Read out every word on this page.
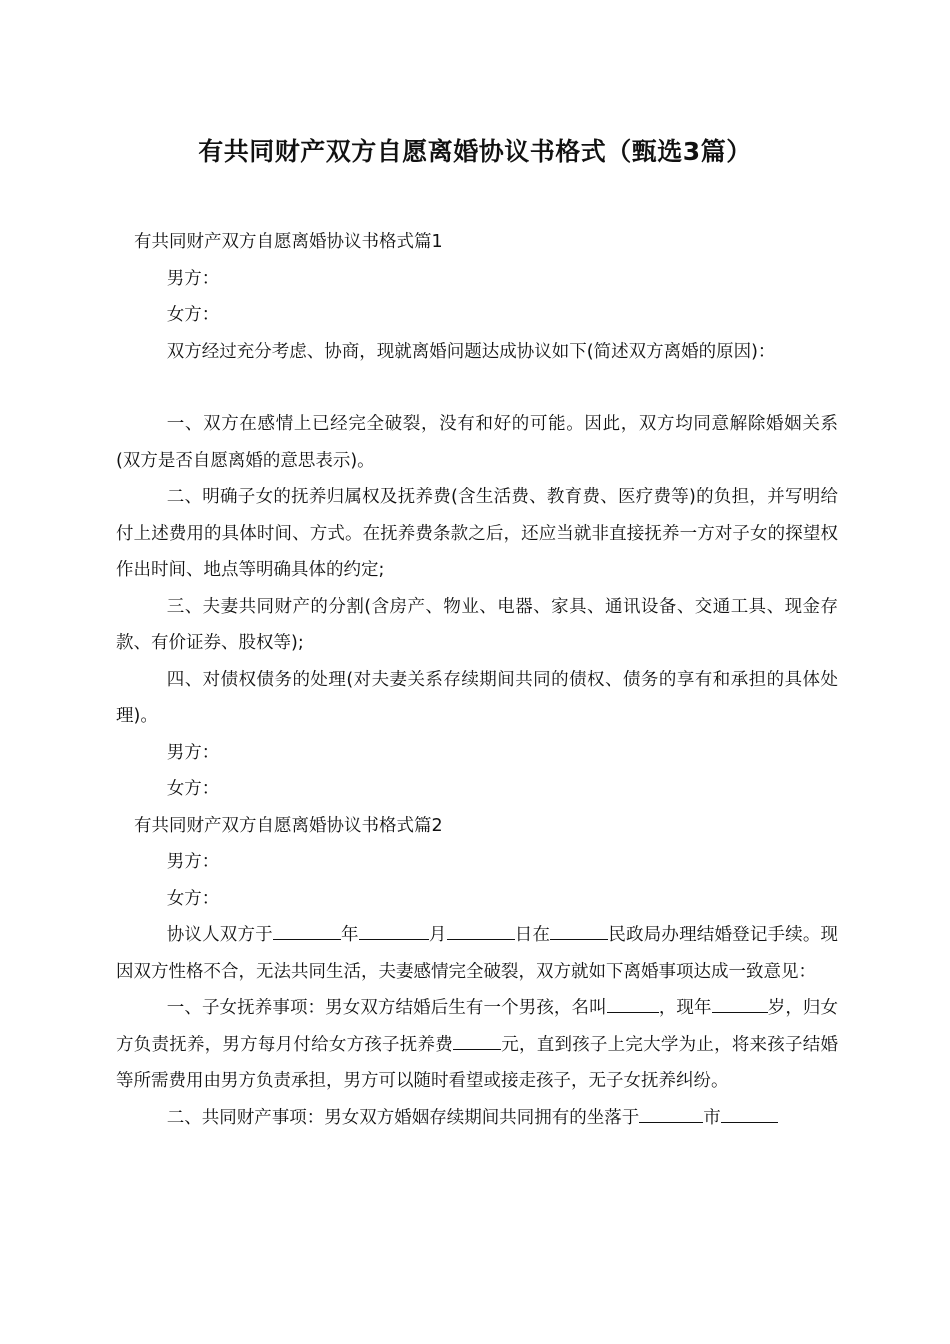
有共同财产双方自愿离婚协议书格式（甄选3篇）

有共同财产双方自愿离婚协议书格式篇1

男方：

女方：

双方经过充分考虑、协商，现就离婚问题达成协议如下(简述双方离婚的原因)：

一、双方在感情上已经完全破裂，没有和好的可能。因此，双方均同意解除婚姻关系(双方是否自愿离婚的意思表示)。

二、明确子女的抚养归属权及抚养费(含生活费、教育费、医疗费等)的负担，并写明给付上述费用的具体时间、方式。在抚养费条款之后，还应当就非直接抚养一方对子女的探望权作出时间、地点等明确具体的约定;

三、夫妻共同财产的分割(含房产、物业、电器、家具、通讯设备、交通工具、现金存款、有价证券、股权等);

四、对债权债务的处理(对夫妻关系存续期间共同的债权、债务的享有和承担的具体处理)。

男方：

女方：

有共同财产双方自愿离婚协议书格式篇2

男方：

女方：

协议人双方于	年	月	日在	民政局办理结婚登记手续。现因双方性格不合，无法共同生活，夫妻感情完全破裂，双方就如下离婚事项达成一致意见：

一、子女抚养事项：男女双方结婚后生有一个男孩，名叫	，现年	岁，归女方负责抚养，男方每月付给女方孩子抚养费	元，直到孩子上完大学为止，将来孩子结婚等所需费用由男方负责承担，男方可以随时看望或接走孩子，无子女抚养纠纷。

二、共同财产事项：男女双方婚姻存续期间共同拥有的坐落于	市
